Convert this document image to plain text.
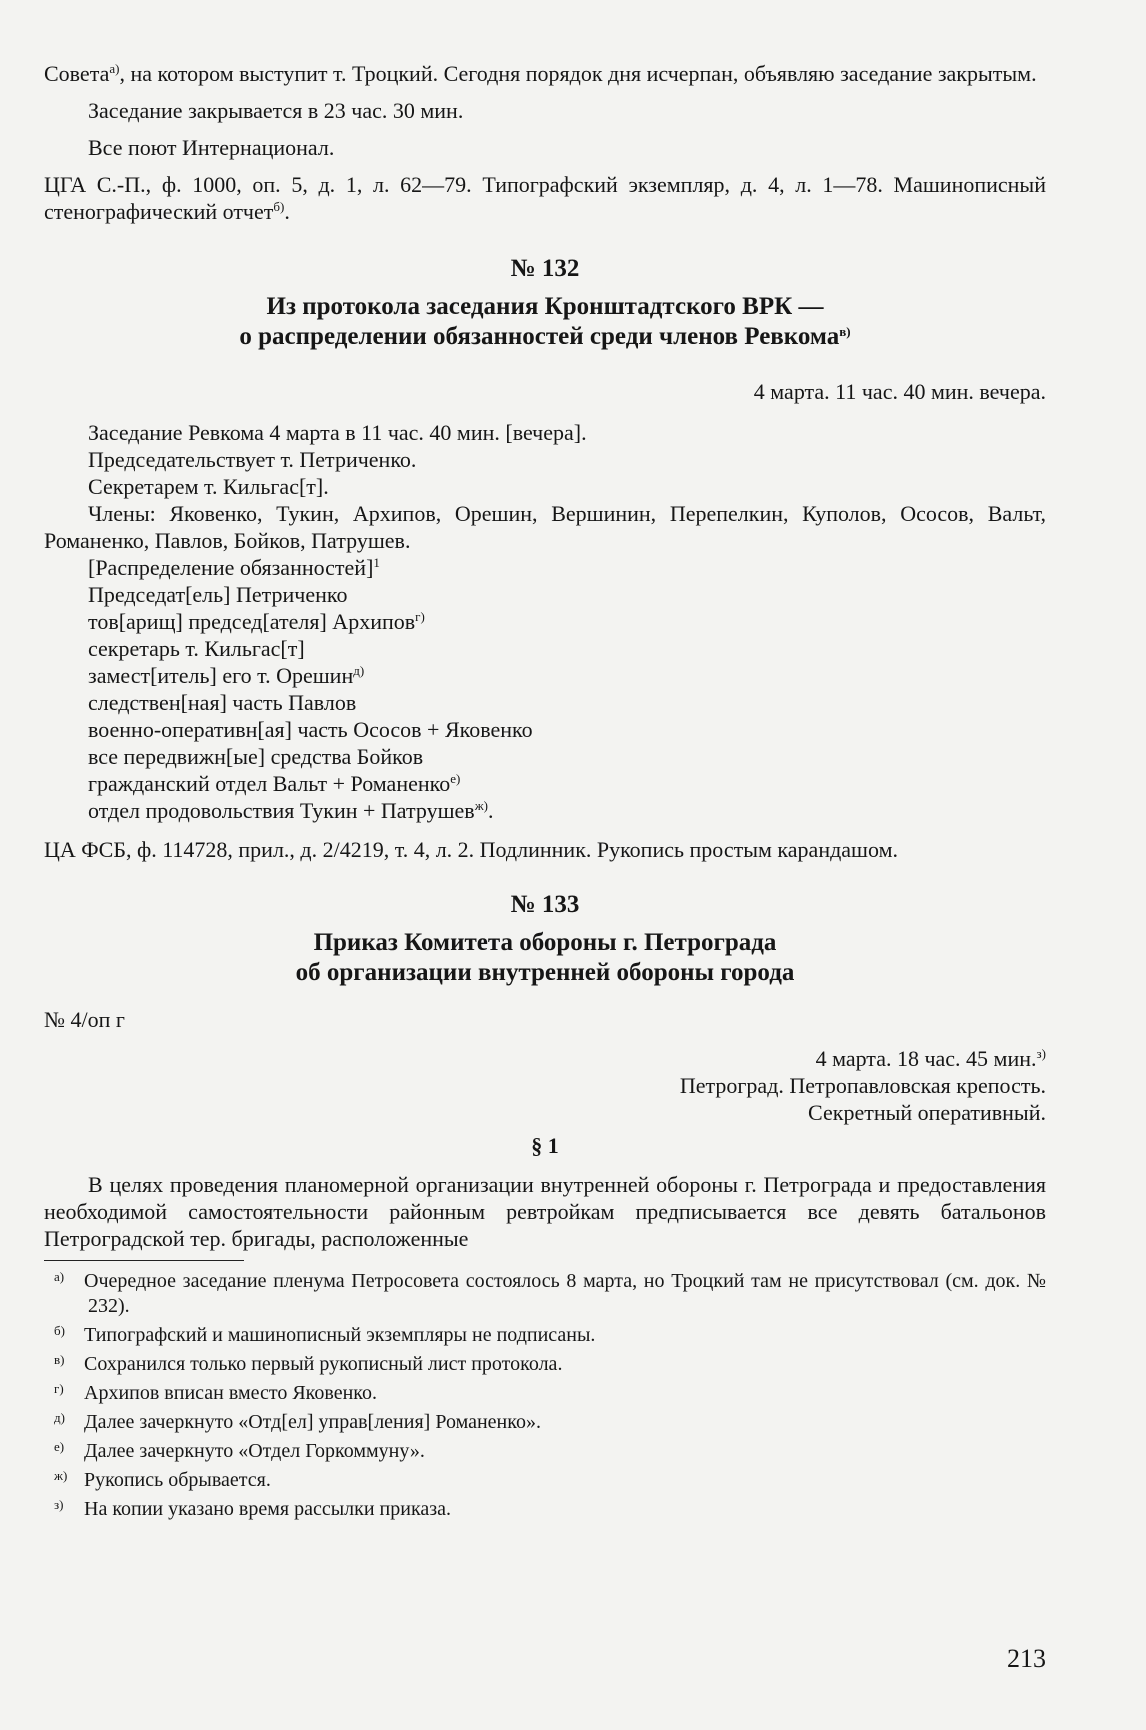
Совета$^{а)}$, на котором выступит т. Троцкий. Сегодня порядок дня исчерпан, объявляю заседание закрытым.

Заседание закрывается в 23 час. 30 мин.

Все поют Интернационал.

ЦГА С.-П., ф. 1000, оп. 5, д. 1, л. 62—79. Типографский экземпляр, д. 4, л. 1—78. Машинописный стенографический отчет$^{б)}$.

№ 132
Из протокола заседания Кронштадтского ВРК —
о распределении обязанностей среди членов Ревкома$^{в)}$

4 марта. 11 час. 40 мин. вечера.

Заседание Ревкома 4 марта в 11 час. 40 мин. [вечера].

Председательствует т. Петриченко.

Секретарем т. Кильгас[т].

Члены: Яковенко, Тукин, Архипов, Орешин, Вершинин, Перепелкин, Куполов, Ососов, Вальт, Романенко, Павлов, Бойков, Патрушев.

[Распределение обязанностей]$^1$

Председат[ель] Петриченко

тов[арищ] председ[ателя] Архипов$^{г)}$

секретарь т. Кильгас[т]

замест[итель] его т. Орешин$^{д)}$

следствен[ная] часть Павлов

военно-оперативн[ая] часть Ососов + Яковенко

все передвижн[ые] средства Бойков

гражданский отдел Вальт + Романенко$^{е)}$

отдел продовольствия Тукин + Патрушев$^{ж)}$.

ЦА ФСБ, ф. 114728, прил., д. 2/4219, т. 4, л. 2. Подлинник. Рукопись простым карандашом.

№ 133
Приказ Комитета обороны г. Петрограда
об организации внутренней обороны города

№ 4/оп г

4 марта. 18 час. 45 мин.$^{з)}$

Петроград. Петропавловская крепость.

Секретный оперативный.

§ 1

В целях проведения планомерной организации внутренней обороны г. Петрограда и предоставления необходимой самостоятельности районным ревтройкам предписывается все девять батальонов Петроградской тер. бригады, расположенные

а) Очередное заседание пленума Петросовета состоялось 8 марта, но Троцкий там не присутствовал (см. док. № 232).

б) Типографский и машинописный экземпляры не подписаны.

в) Сохранился только первый рукописный лист протокола.

г) Архипов вписан вместо Яковенко.

д) Далее зачеркнуто «Отд[ел] управ[ления] Романенко».

е) Далее зачеркнуто «Отдел Горкоммуну».

ж) Рукопись обрывается.

з) На копии указано время рассылки приказа.

213
